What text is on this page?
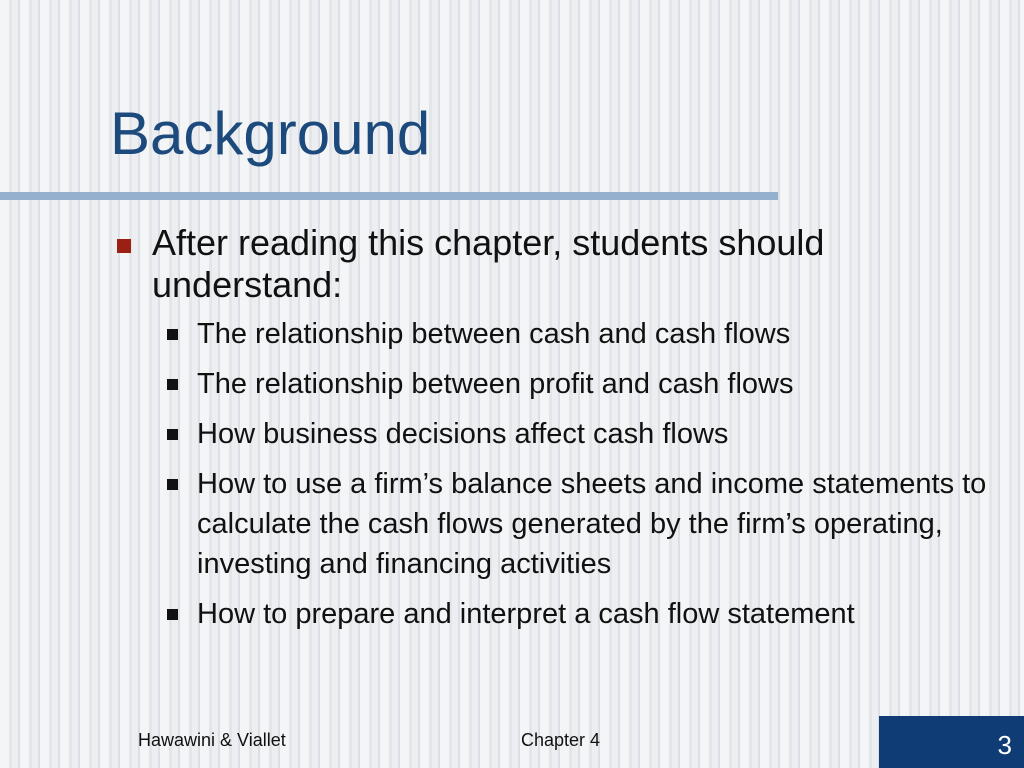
Background
After reading this chapter, students should understand:
The relationship between cash and cash flows
The relationship between profit and cash flows
How business decisions affect cash flows
How to use a firm’s balance sheets and income statements to calculate the cash flows generated by the firm’s operating, investing and financing activities
How to prepare and interpret a cash flow statement
Hawawini & Viallet	Chapter 4	3
